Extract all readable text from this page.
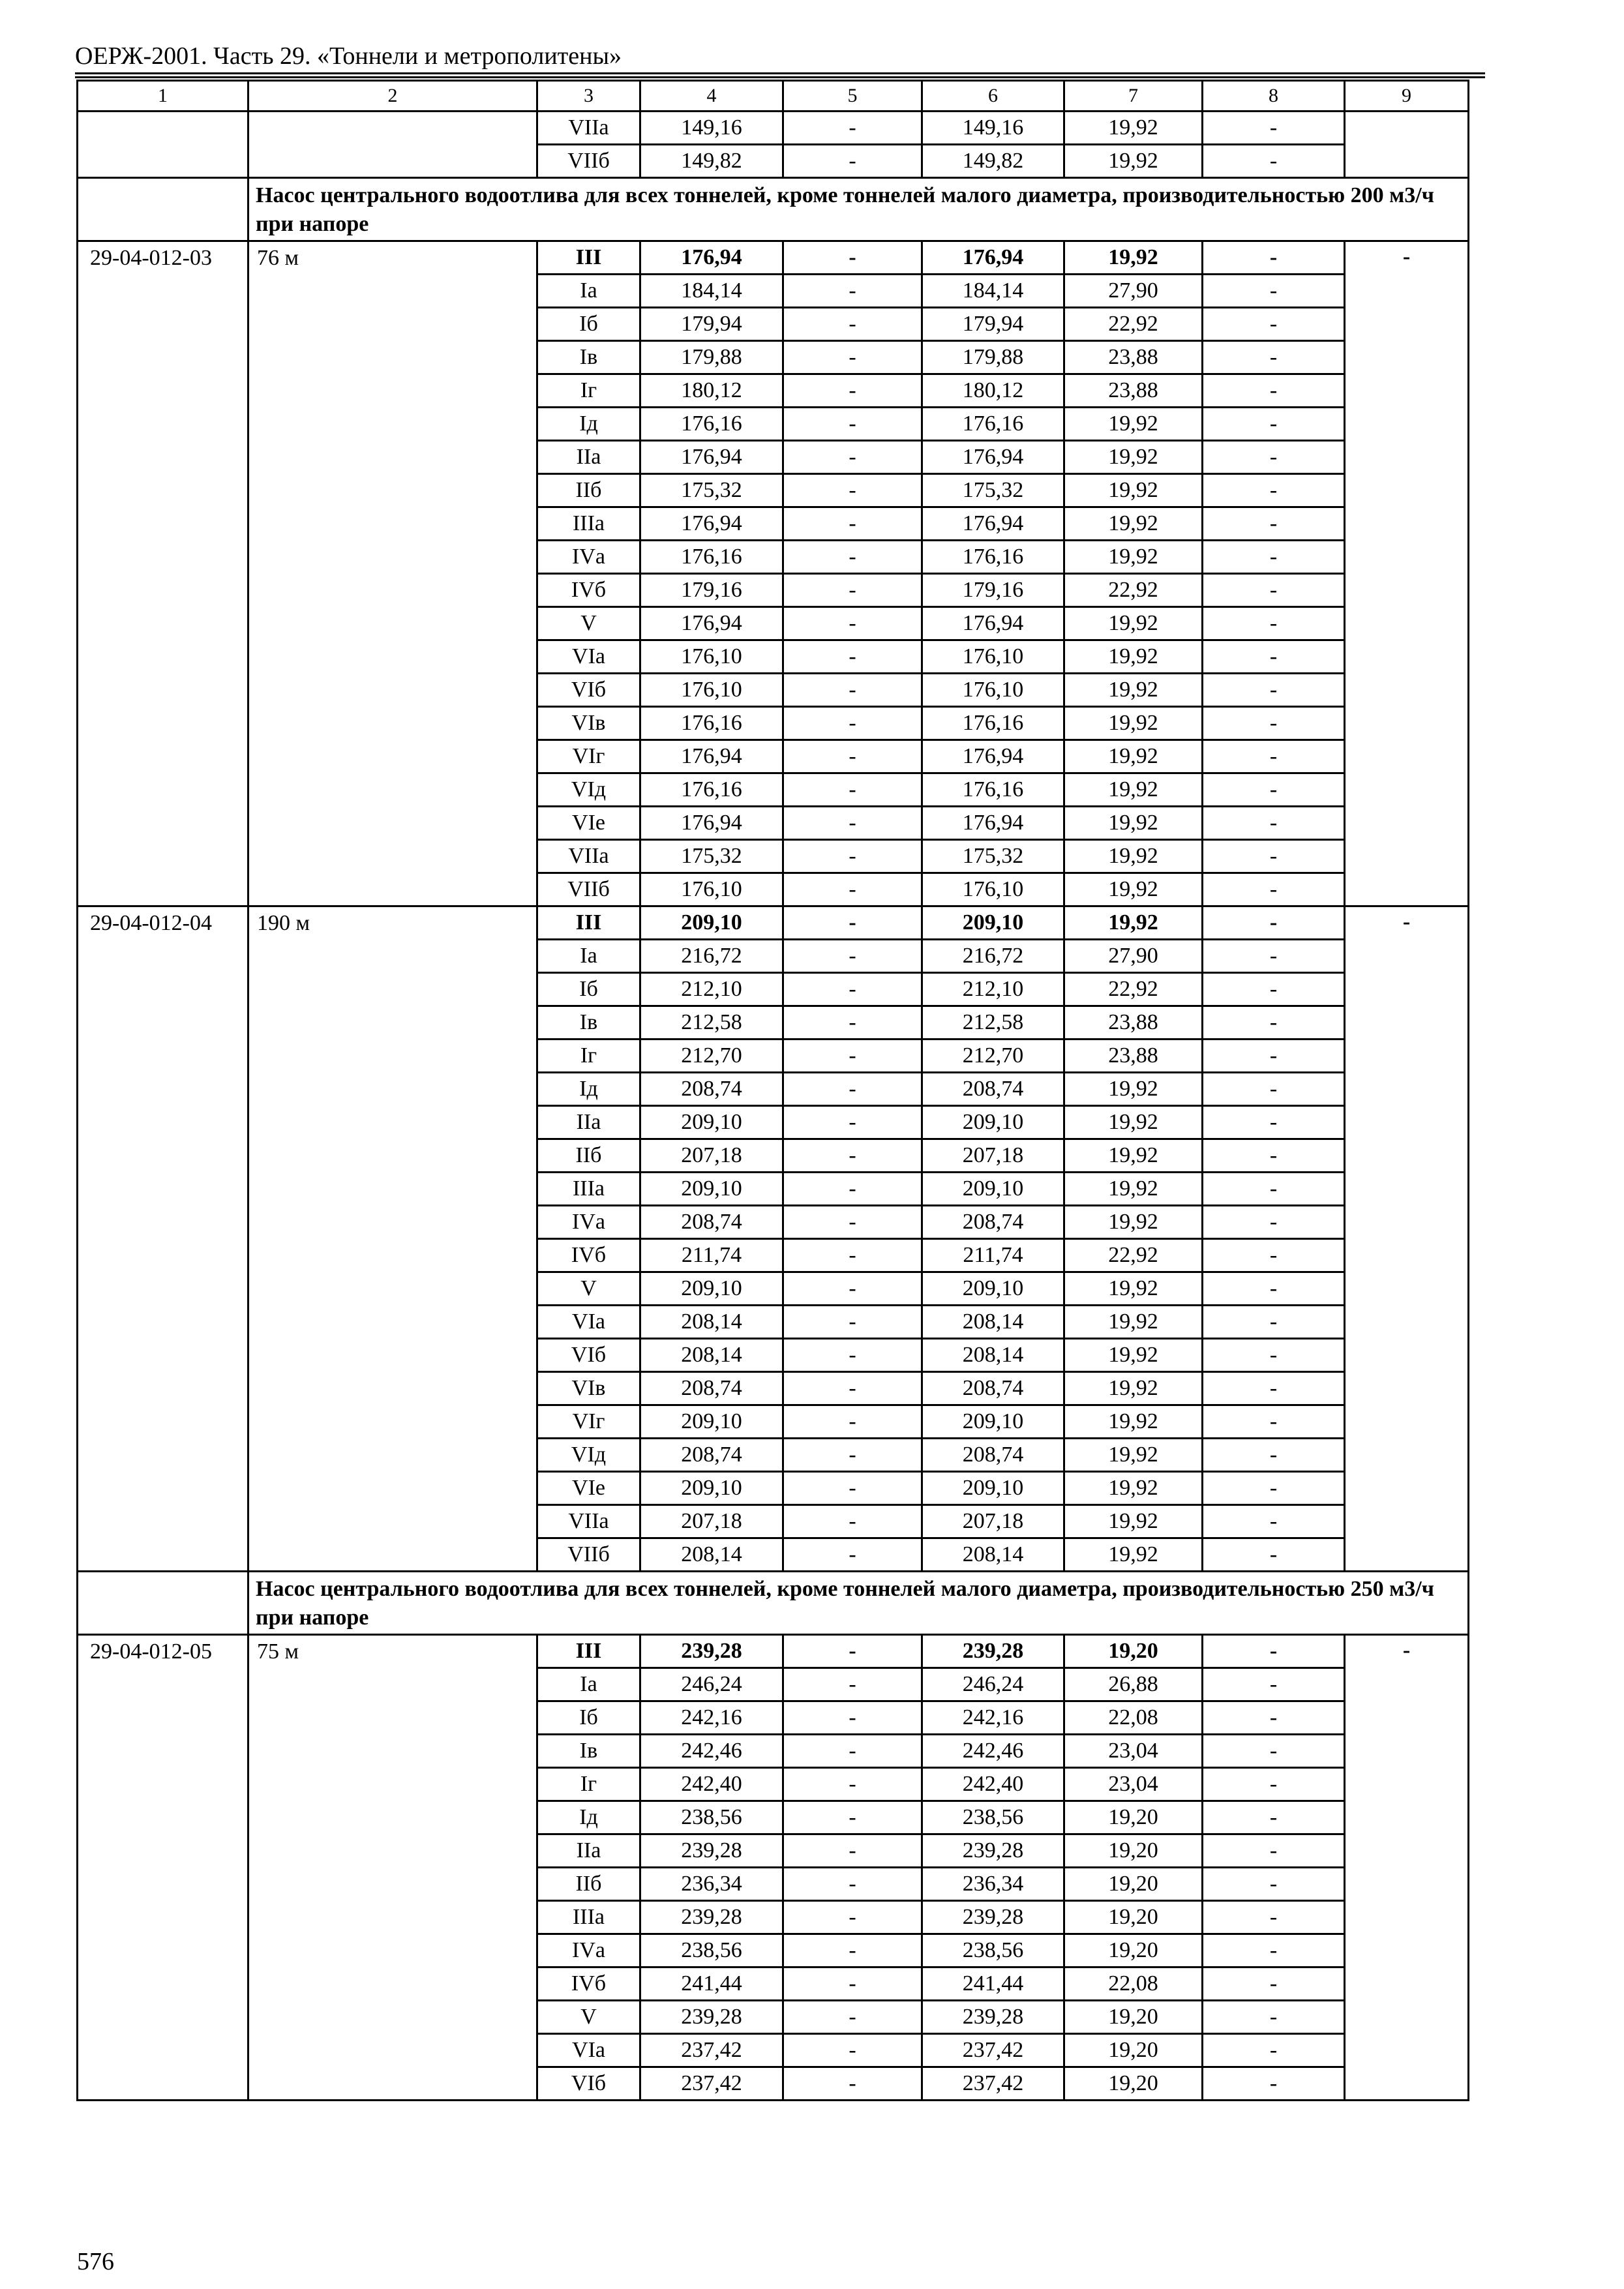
ОЕРЖ-2001. Часть 29. «Тоннели и метрополитены»
1	2	3	4	5	6	7	8	9
		VIIа	149,16	-	149,16	19,92	-	
		VIIб	149,82	-	149,82	19,92	-	
	Насос центрального водоотлива для всех тоннелей, кроме тоннелей малого диаметра, производительностью 200 м3/ч при напоре							
29-04-012-03	76 м	III	176,94	-	176,94	19,92	-	-
		Iа	184,14	-	184,14	27,90	-	
		Iб	179,94	-	179,94	22,92	-	
		Iв	179,88	-	179,88	23,88	-	
		Iг	180,12	-	180,12	23,88	-	
		Iд	176,16	-	176,16	19,92	-	
		IIа	176,94	-	176,94	19,92	-	
		IIб	175,32	-	175,32	19,92	-	
		IIIа	176,94	-	176,94	19,92	-	
		IVа	176,16	-	176,16	19,92	-	
		IVб	179,16	-	179,16	22,92	-	
		V	176,94	-	176,94	19,92	-	
		VIа	176,10	-	176,10	19,92	-	
		VIб	176,10	-	176,10	19,92	-	
		VIв	176,16	-	176,16	19,92	-	
		VIг	176,94	-	176,94	19,92	-	
		VIд	176,16	-	176,16	19,92	-	
		VIе	176,94	-	176,94	19,92	-	
		VIIа	175,32	-	175,32	19,92	-	
		VIIб	176,10	-	176,10	19,92	-	
29-04-012-04	190 м	III	209,10	-	209,10	19,92	-	-
		Iа	216,72	-	216,72	27,90	-	
		Iб	212,10	-	212,10	22,92	-	
		Iв	212,58	-	212,58	23,88	-	
		Iг	212,70	-	212,70	23,88	-	
		Iд	208,74	-	208,74	19,92	-	
		IIа	209,10	-	209,10	19,92	-	
		IIб	207,18	-	207,18	19,92	-	
		IIIа	209,10	-	209,10	19,92	-	
		IVа	208,74	-	208,74	19,92	-	
		IVб	211,74	-	211,74	22,92	-	
		V	209,10	-	209,10	19,92	-	
		VIа	208,14	-	208,14	19,92	-	
		VIб	208,14	-	208,14	19,92	-	
		VIв	208,74	-	208,74	19,92	-	
		VIг	209,10	-	209,10	19,92	-	
		VIд	208,74	-	208,74	19,92	-	
		VIе	209,10	-	209,10	19,92	-	
		VIIа	207,18	-	207,18	19,92	-	
		VIIб	208,14	-	208,14	19,92	-	
	Насос центрального водоотлива для всех тоннелей, кроме тоннелей малого диаметра, производительностью 250 м3/ч при напоре							
29-04-012-05	75 м	III	239,28	-	239,28	19,20	-	-
		Iа	246,24	-	246,24	26,88	-	
		Iб	242,16	-	242,16	22,08	-	
		Iв	242,46	-	242,46	23,04	-	
		Iг	242,40	-	242,40	23,04	-	
		Iд	238,56	-	238,56	19,20	-	
		IIа	239,28	-	239,28	19,20	-	
		IIб	236,34	-	236,34	19,20	-	
		IIIа	239,28	-	239,28	19,20	-	
		IVа	238,56	-	238,56	19,20	-	
		IVб	241,44	-	241,44	22,08	-	
		V	239,28	-	239,28	19,20	-	
		VIа	237,42	-	237,42	19,20	-	
		VIб	237,42	-	237,42	19,20	-	
576
